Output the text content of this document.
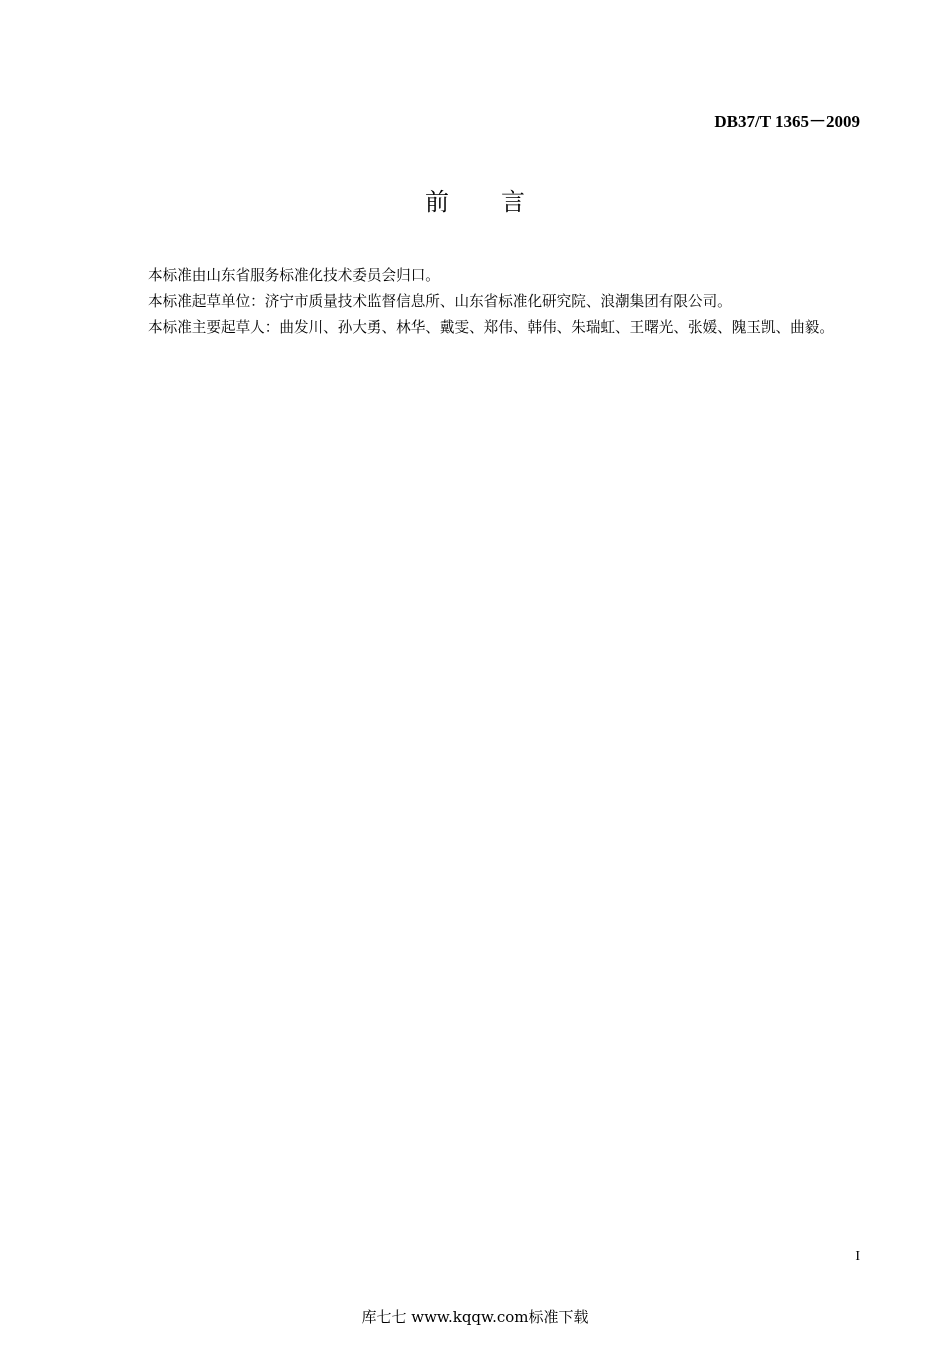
DB37/T 1365－2009
前言

本标准由山东省服务标准化技术委员会归口。

本标准起草单位：济宁市质量技术监督信息所、山东省标准化研究院、浪潮集团有限公司。

本标准主要起草人：曲发川、孙大勇、林华、戴雯、郑伟、韩伟、朱瑞虹、王曙光、张媛、隗玉凯、曲毅。

I
库七七 www.kqqw.com标准下载
